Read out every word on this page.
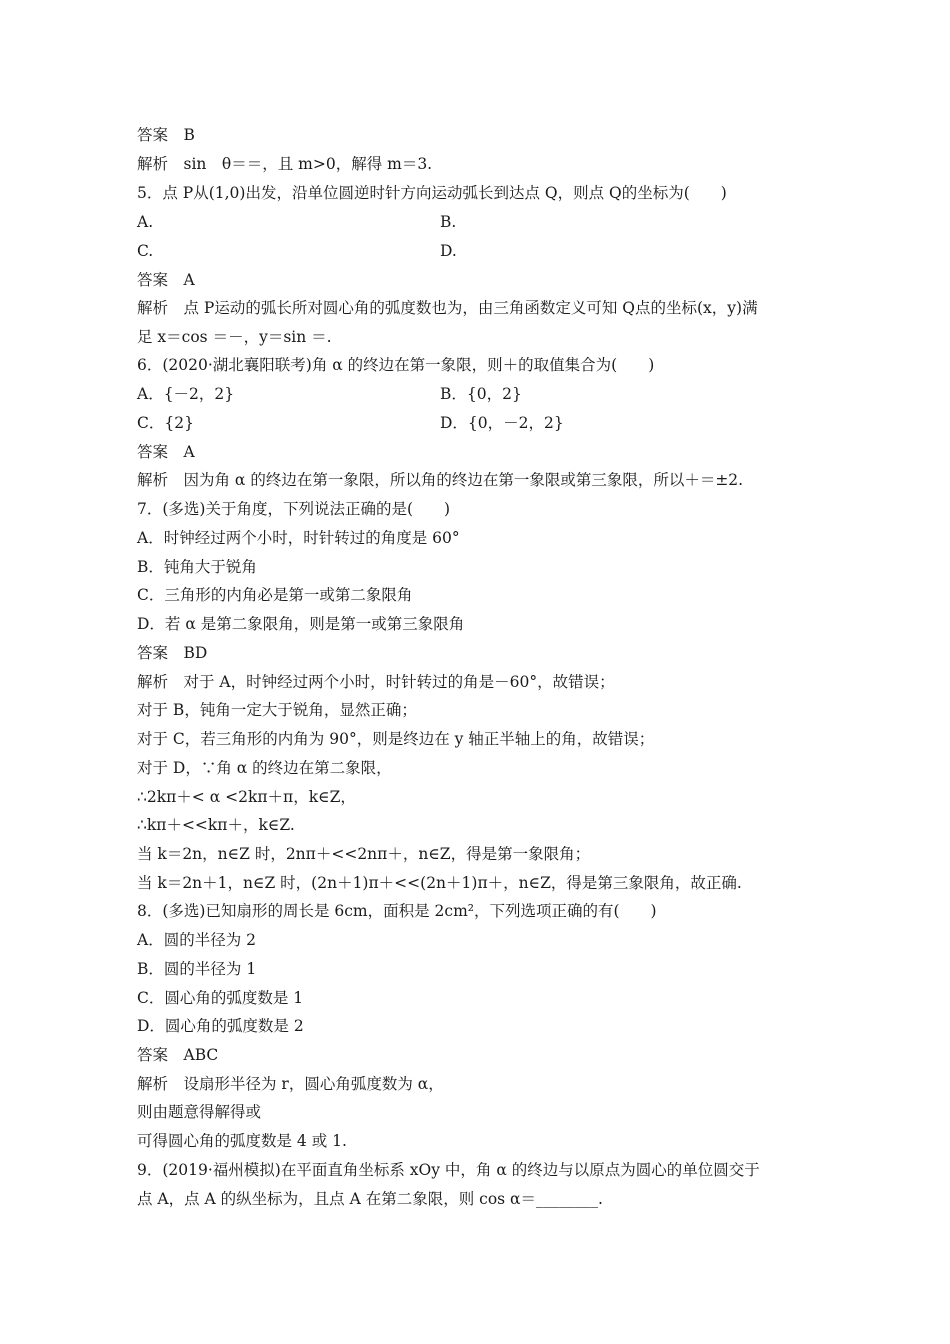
答案　B
解析　sin　θ＝＝，且 m>0，解得 m＝3.
5．点 P从(1,0)出发，沿单位圆逆时针方向运动弧长到达点 Q，则点 Q的坐标为(　　)
A.	B.
C.	D.
答案　A
解析　点 P运动的弧长所对圆心角的弧度数也为，由三角函数定义可知 Q点的坐标(x，y)满
足 x＝cos ＝－，y＝sin ＝.
6．(2020·湖北襄阳联考)角 α 的终边在第一象限，则＋的取值集合为(　　)
A．{－2，2}	B．{0，2}
C．{2}	D．{0，－2，2}
答案　A
解析　因为角 α 的终边在第一象限，所以角的终边在第一象限或第三象限，所以＋＝±2.
7．(多选)关于角度，下列说法正确的是(　　)
A．时钟经过两个小时，时针转过的角度是 60°
B．钝角大于锐角
C．三角形的内角必是第一或第二象限角
D．若 α 是第二象限角，则是第一或第三象限角
答案　BD
解析　对于 A，时钟经过两个小时，时针转过的角是－60°，故错误；
对于 B，钝角一定大于锐角，显然正确；
对于 C，若三角形的内角为 90°，则是终边在 y 轴正半轴上的角，故错误；
对于 D，∵角 α 的终边在第二象限，
∴2kπ＋< α <2kπ＋π，k∈Z，
∴kπ＋<<kπ＋，k∈Z.
当 k＝2n，n∈Z 时，2nπ＋<<2nπ＋，n∈Z，得是第一象限角；
当 k＝2n＋1，n∈Z 时，(2n＋1)π＋<<(2n＋1)π＋，n∈Z，得是第三象限角，故正确.
8．(多选)已知扇形的周长是 6cm，面积是 2cm²，下列选项正确的有(　　)
A．圆的半径为 2
B．圆的半径为 1
C．圆心角的弧度数是 1
D．圆心角的弧度数是 2
答案　ABC
解析　设扇形半径为 r，圆心角弧度数为 α，
则由题意得解得或
可得圆心角的弧度数是 4 或 1.
9．(2019·福州模拟)在平面直角坐标系 xOy 中，角 α 的终边与以原点为圆心的单位圆交于
点 A，点 A 的纵坐标为，且点 A 在第二象限，则 cos α＝________.
